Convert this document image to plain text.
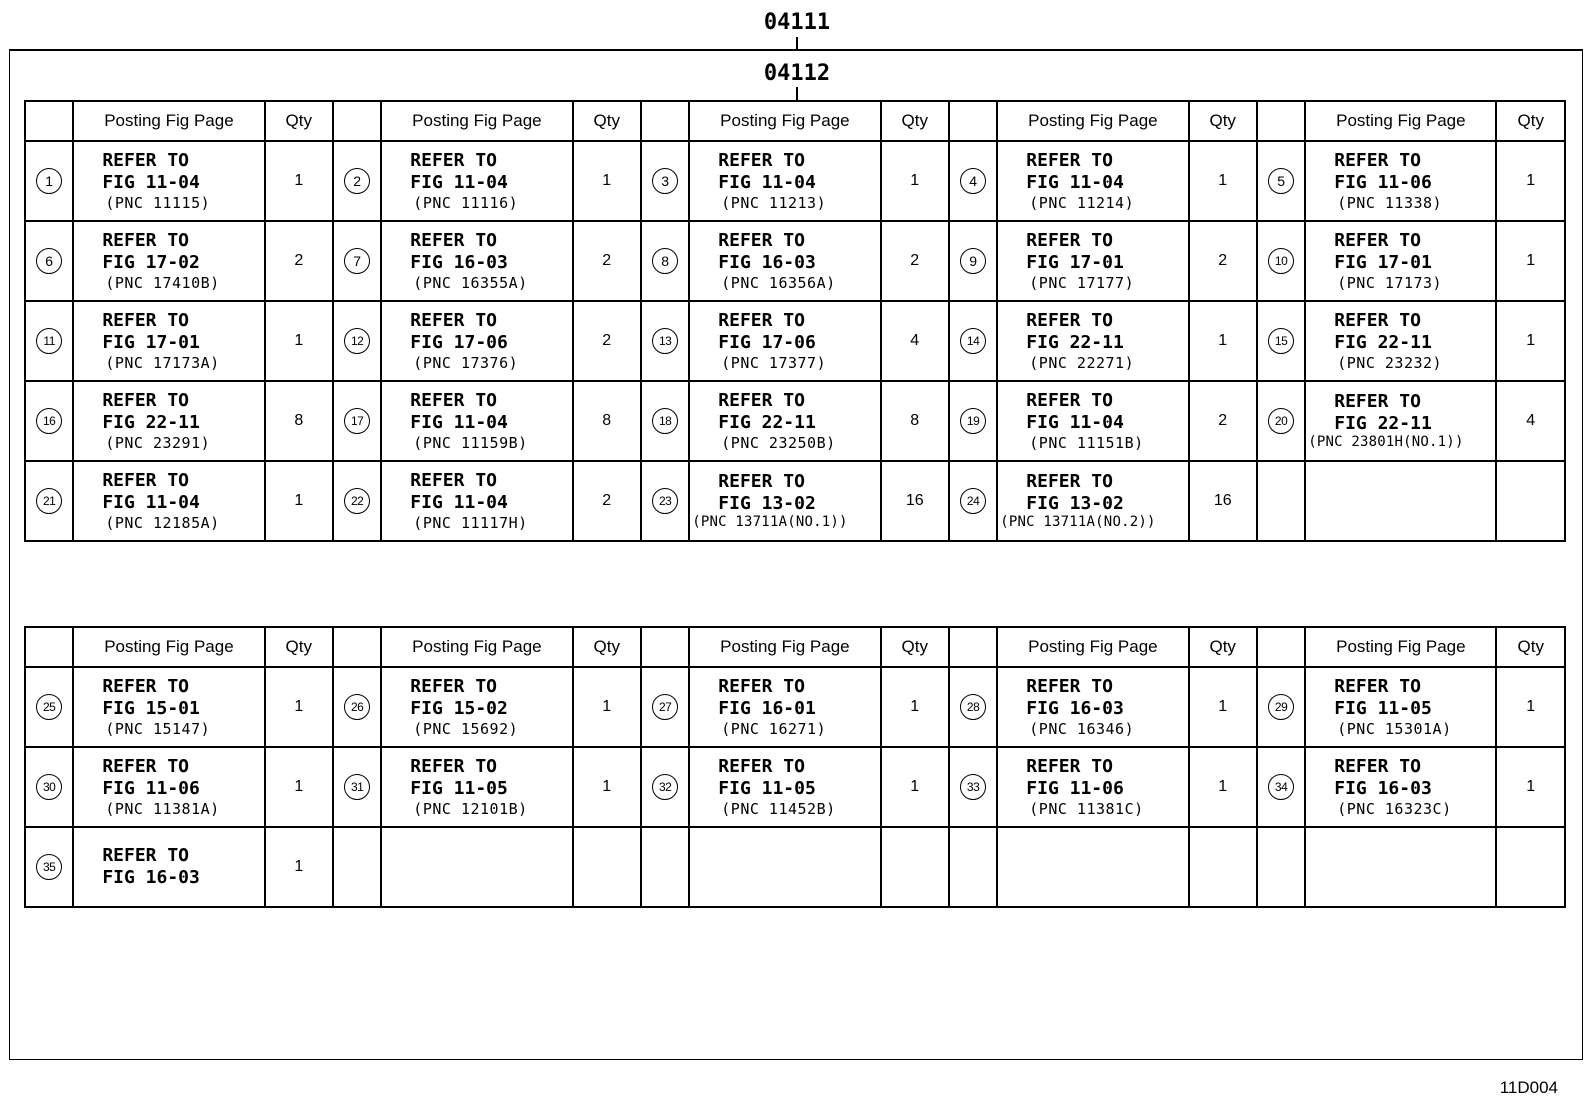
04111
04112
	Posting Fig Page	Qty		Posting Fig Page	Qty		Posting Fig Page	Qty		Posting Fig Page	Qty		Posting Fig Page	Qty
1	REFER TO
FIG 11-04
(PNC 11115)	1	2	REFER TO
FIG 11-04
(PNC 11116)	1	3	REFER TO
FIG 11-04
(PNC 11213)	1	4	REFER TO
FIG 11-04
(PNC 11214)	1	5	REFER TO
FIG 11-06
(PNC 11338)	1
6	REFER TO
FIG 17-02
(PNC 17410B)	2	7	REFER TO
FIG 16-03
(PNC 16355A)	2	8	REFER TO
FIG 16-03
(PNC 16356A)	2	9	REFER TO
FIG 17-01
(PNC 17177)	2	10	REFER TO
FIG 17-01
(PNC 17173)	1
11	REFER TO
FIG 17-01
(PNC 17173A)	1	12	REFER TO
FIG 17-06
(PNC 17376)	2	13	REFER TO
FIG 17-06
(PNC 17377)	4	14	REFER TO
FIG 22-11
(PNC 22271)	1	15	REFER TO
FIG 22-11
(PNC 23232)	1
16	REFER TO
FIG 22-11
(PNC 23291)	8	17	REFER TO
FIG 11-04
(PNC 11159B)	8	18	REFER TO
FIG 22-11
(PNC 23250B)	8	19	REFER TO
FIG 11-04
(PNC 11151B)	2	20	REFER TO
FIG 22-11
(PNC 23801H(NO.1))	4
21	REFER TO
FIG 11-04
(PNC 12185A)	1	22	REFER TO
FIG 11-04
(PNC 11117H)	2	23	REFER TO
FIG 13-02
(PNC 13711A(NO.1))	16	24	REFER TO
FIG 13-02
(PNC 13711A(NO.2))	16			
	Posting Fig Page	Qty		Posting Fig Page	Qty		Posting Fig Page	Qty		Posting Fig Page	Qty		Posting Fig Page	Qty
25	REFER TO
FIG 15-01
(PNC 15147)	1	26	REFER TO
FIG 15-02
(PNC 15692)	1	27	REFER TO
FIG 16-01
(PNC 16271)	1	28	REFER TO
FIG 16-03
(PNC 16346)	1	29	REFER TO
FIG 11-05
(PNC 15301A)	1
30	REFER TO
FIG 11-06
(PNC 11381A)	1	31	REFER TO
FIG 11-05
(PNC 12101B)	1	32	REFER TO
FIG 11-05
(PNC 11452B)	1	33	REFER TO
FIG 11-06
(PNC 11381C)	1	34	REFER TO
FIG 16-03
(PNC 16323C)	1
35	REFER TO
FIG 16-03	1												
11D004
